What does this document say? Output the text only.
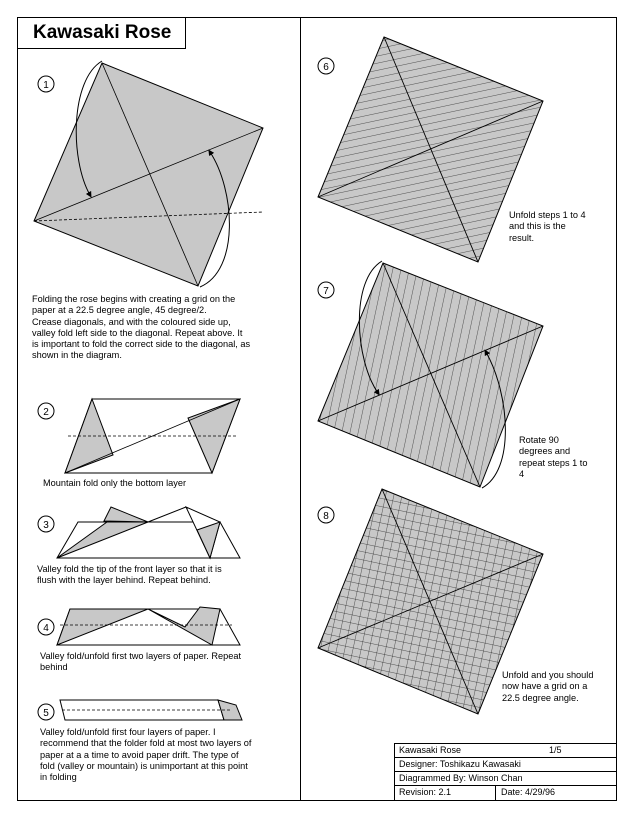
Kawasaki Rose
1
2
3
4
5
6
7
8
Folding the rose begins with creating a grid on the
paper at a 22.5 degree angle, 45 degree/2.
Crease diagonals, and with the coloured side up,
valley fold left side to the diagonal. Repeat above. It
is important to fold the correct side to the diagonal, as
shown in the diagram.
Mountain fold only the bottom layer
Valley fold the tip of the front layer so that it is
flush with the layer behind. Repeat behind.
Valley fold/unfold first two layers of paper. Repeat
behind
Valley fold/unfold first four layers of paper. I
recommend that the folder fold at most two layers of
paper at a a time to avoid paper drift. The type of
fold (valley or mountain) is unimportant at this point
in folding
Unfold steps 1 to 4
and this is the
result.
Rotate 90
degrees and
repeat steps 1 to
4
Unfold and you should
now have a grid on a
22.5 degree angle.
Kawasaki Rose	1/5
Designer: Toshikazu Kawasaki
Diagrammed By: Winson Chan
Revision: 2.1	Date: 4/29/96
